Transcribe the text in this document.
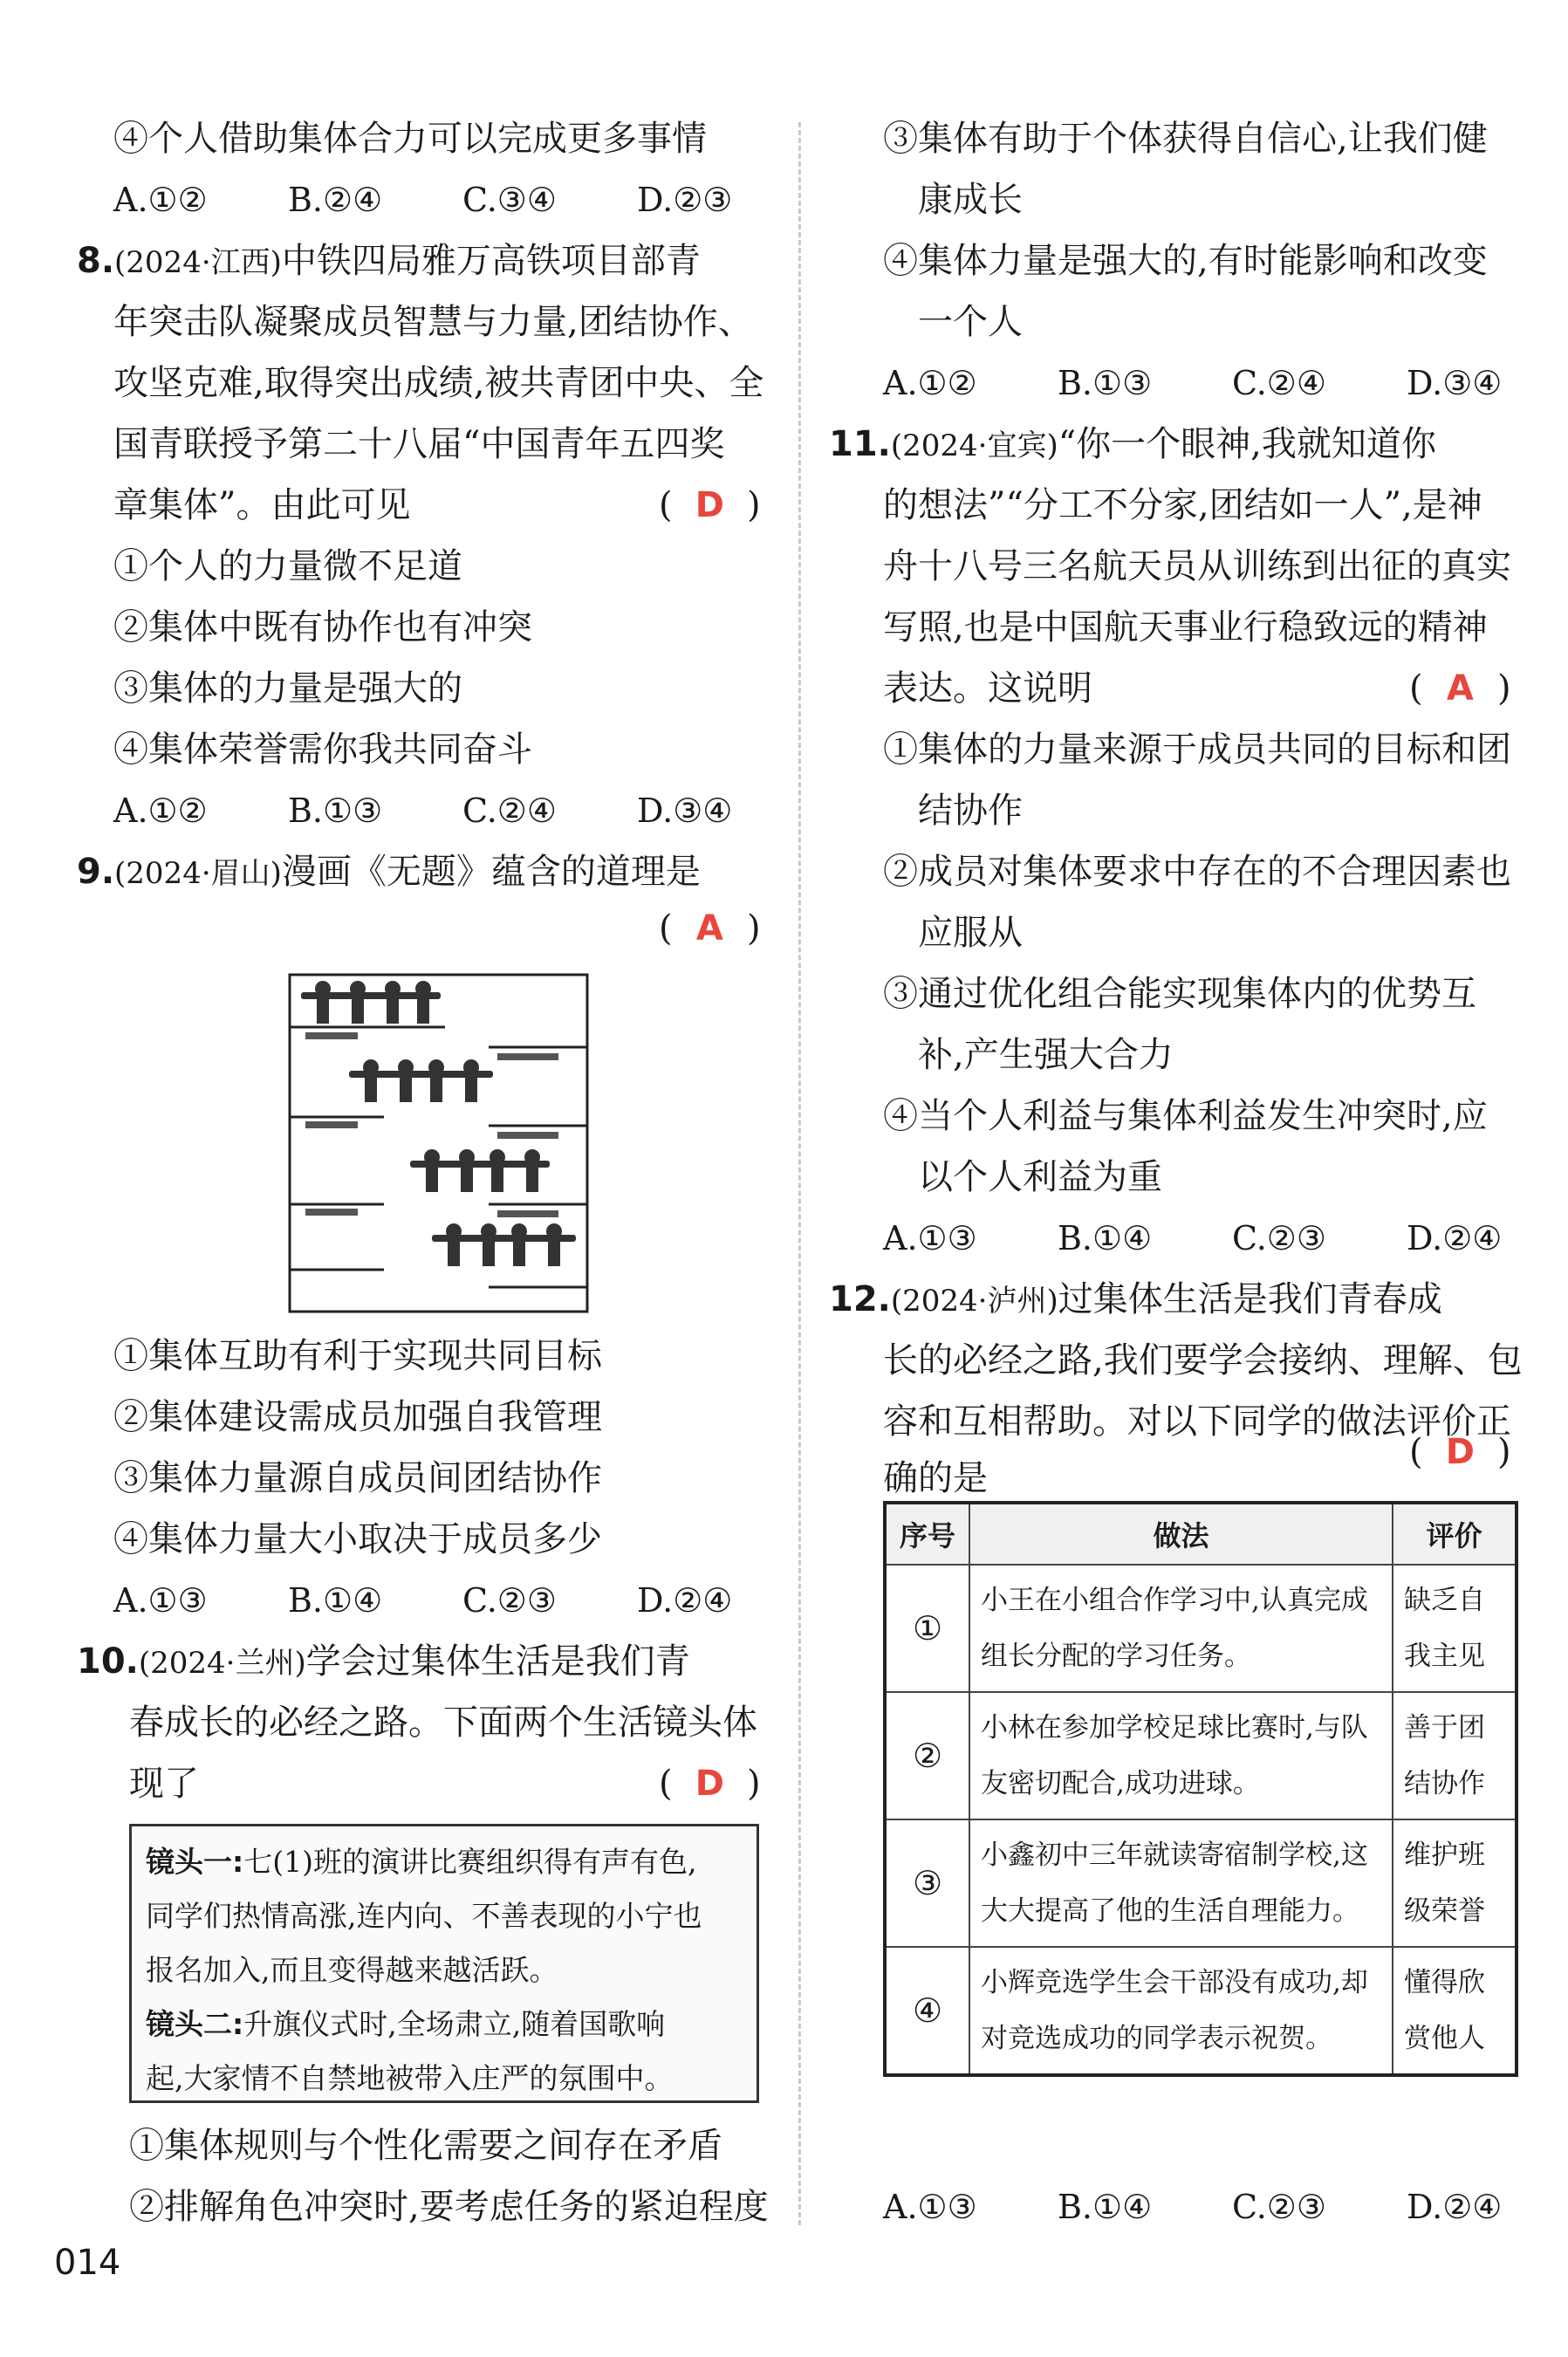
④个人借助集体合力可以完成更多事情
A.①② B.②④ C.③④ D.②③
8.(2024·江西)中铁四局雅万高铁项目部青
年突击队凝聚成员智慧与力量,团结协作、
攻坚克难,取得突出成绩,被共青团中央、全
国青联授予第二十八届“中国青年五四奖
章集体”。由此可见	( D )
①个人的力量微不足道
②集体中既有协作也有冲突
③集体的力量是强大的
④集体荣誉需你我共同奋斗
A.①② B.①③ C.②④ D.③④
9.(2024·眉山)漫画《无题》蕴含的道理是
( A )
①集体互助有利于实现共同目标
②集体建设需成员加强自我管理
③集体力量源自成员间团结协作
④集体力量大小取决于成员多少
A.①③ B.①④ C.②③ D.②④
10.(2024·兰州)学会过集体生活是我们青
春成长的必经之路。下面两个生活镜头体
现了	( D )
镜头一:七(1)班的演讲比赛组织得有声有色,
同学们热情高涨,连内向、不善表现的小宁也
报名加入,而且变得越来越活跃。
镜头二:升旗仪式时,全场肃立,随着国歌响
起,大家情不自禁地被带入庄严的氛围中。
①集体规则与个性化需要之间存在矛盾
②排解角色冲突时,要考虑任务的紧迫程度
③集体有助于个体获得自信心,让我们健
康成长
④集体力量是强大的,有时能影响和改变
一个人
A.①② B.①③ C.②④ D.③④
11.(2024·宜宾)“你一个眼神,我就知道你
的想法”“分工不分家,团结如一人”,是神
舟十八号三名航天员从训练到出征的真实
写照,也是中国航天事业行稳致远的精神
表达。这说明	( A )
①集体的力量来源于成员共同的目标和团
结协作
②成员对集体要求中存在的不合理因素也
应服从
③通过优化组合能实现集体内的优势互
补,产生强大合力
④当个人利益与集体利益发生冲突时,应
以个人利益为重
A.①③ B.①④ C.②③ D.②④
12.(2024·泸州)过集体生活是我们青春成
长的必经之路,我们要学会接纳、理解、包
容和互相帮助。对以下同学的做法评价正
确的是
( D )
序号	做法	评价
①	小王在小组合作学习中,认真完成组长分配的学习任务。	缺乏自我主见
②	小林在参加学校足球比赛时,与队友密切配合,成功进球。	善于团结协作
③	小鑫初中三年就读寄宿制学校,这大大提高了他的生活自理能力。	维护班级荣誉
④	小辉竞选学生会干部没有成功,却对竞选成功的同学表示祝贺。	懂得欣赏他人
A.①③ B.①④ C.②③ D.②④
014
